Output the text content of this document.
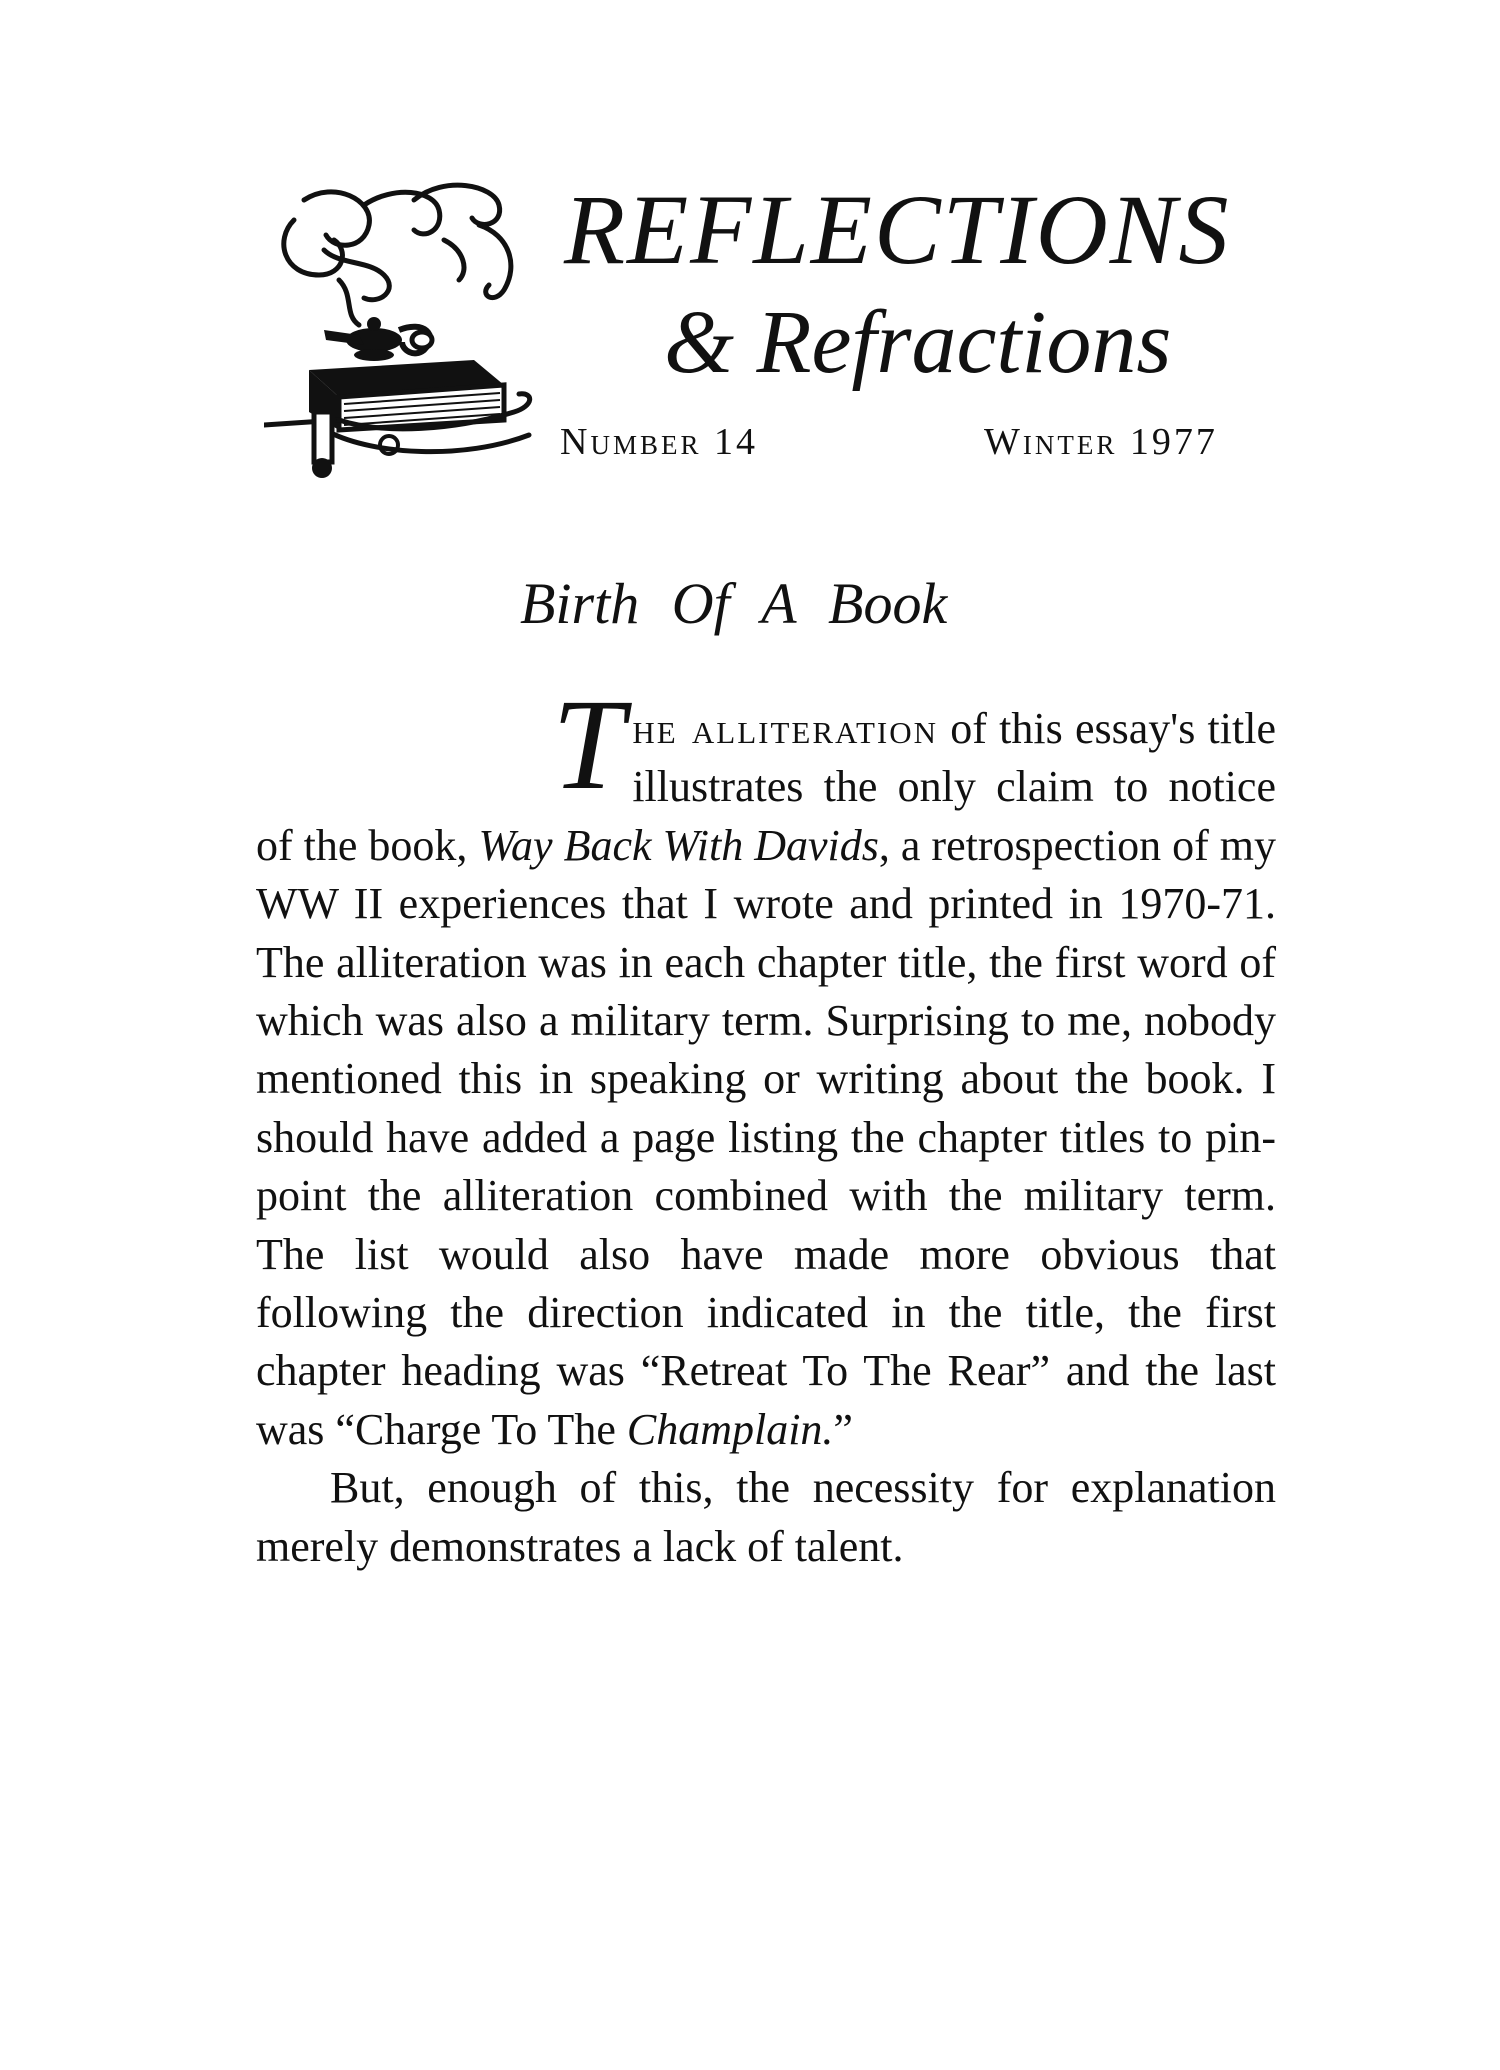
REFLECTIONS
& Refractions
Number 14	Winter 1977
Birth Of A Book

The alliteration of this essay's title illustrates the only claim to notice of the book, Way Back With Davids, a retrospection of my WW II experiences that I wrote and printed in 1970-71. The alliteration was in each chapter title, the first word of which was also a military term. Surprising to me, nobody mentioned this in speaking or writing about the book. I should have added a page listing the chapter titles to pinpoint the alliteration combined with the military term. The list would also have made more obvious that following the direction indicated in the title, the first chapter heading was “Retreat To The Rear” and the last was “Charge To The Champlain.”

But, enough of this, the necessity for explanation merely demonstrates a lack of talent.
